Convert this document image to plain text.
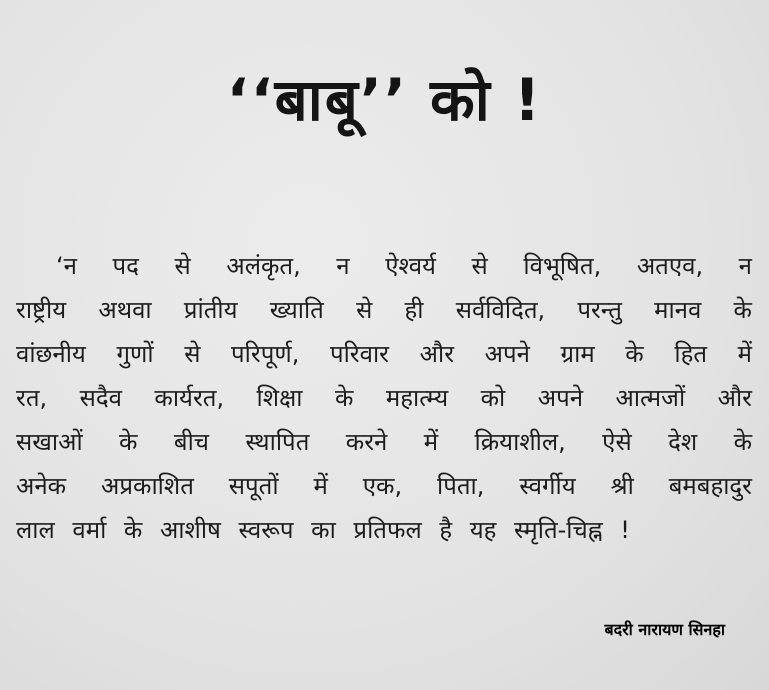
‘‘बाबू’’ को !
‘न पद से अलंकृत, न ऐश्वर्य से विभूषित, अतएव, न
राष्ट्रीय अथवा प्रांतीय ख्याति से ही सर्वविदित, परन्तु मानव के
वांछनीय गुणों से परिपूर्ण, परिवार और अपने ग्राम के हित में
रत, सदैव कार्यरत, शिक्षा के महात्म्य को अपने आत्मजों और
सखाओं के बीच स्थापित करने में क्रियाशील, ऐसे देश के
अनेक अप्रकाशित सपूतों में एक, पिता, स्वर्गीय श्री बमबहादुर
लाल वर्मा के आशीष स्वरूप का प्रतिफल है यह स्मृति-चिह्न !
बदरी नारायण सिनहा
